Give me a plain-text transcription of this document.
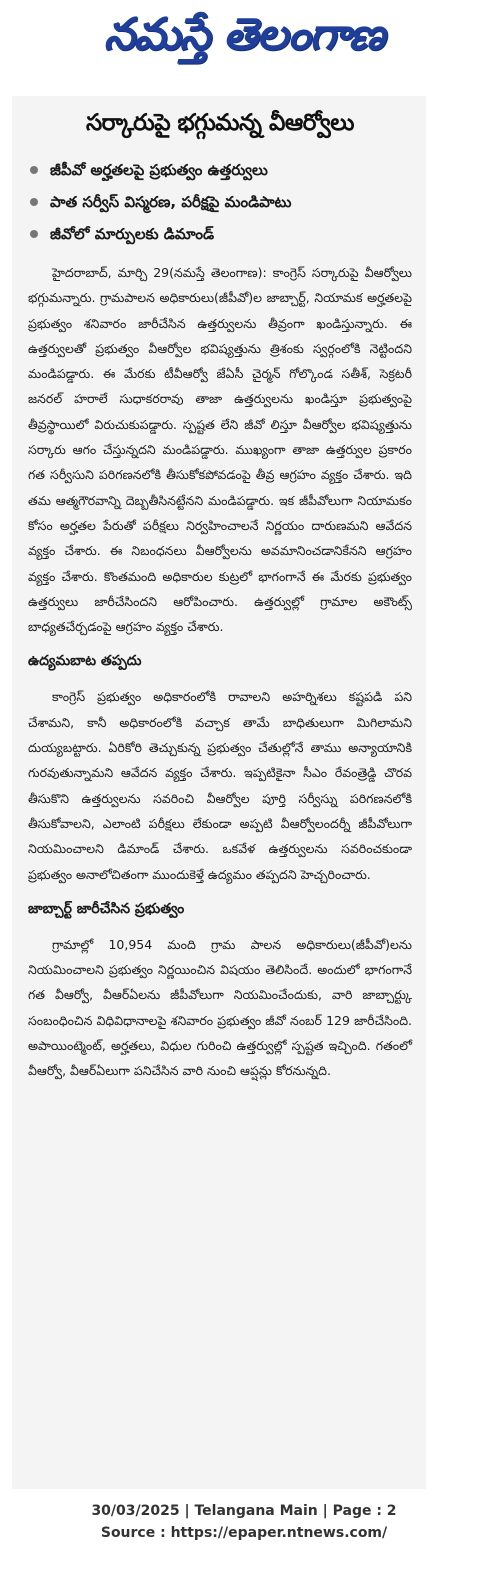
నమస్తే తెలంగాణ
సర్కారుపై భగ్గుమన్న వీఆర్వోలు
జీపీవో అర్హతలపై ప్రభుత్వం ఉత్తర్వులు
పాత సర్వీస్ విస్మరణ, పరీక్షపై మండిపాటు
జీవోలో మార్పులకు డిమాండ్

హైదరాబాద్, మార్చి 29(నమస్తే తెలంగాణ): కాంగ్రెస్ సర్కారుపై వీఆర్వోలు భగ్గుమన్నారు. గ్రామపాలన అధికారులు(జీపీవో)ల జాబ్చార్ట్, నియామక అర్హతలపై ప్రభుత్వం శనివారం జారీచేసిన ఉత్తర్వులను తీవ్రంగా ఖండిస్తున్నారు. ఈ ఉత్తర్వులతో ప్రభుత్వం వీఆర్వోల భవిష్యత్తును త్రిశంకు స్వర్గంలోకి నెట్టిందని మండిపడ్డారు. ఈ మేరకు టీవీఆర్వో జేఏసీ చైర్మన్ గోల్కొండ సతీశ్, సెక్రటరీ జనరల్ హరాలే సుధాకరరావు తాజా ఉత్తర్వులను ఖండిస్తూ ప్రభుత్వంపై తీవ్రస్థాయిలో విరుచుకుపడ్డారు. స్పష్టత లేని జీవో లిస్తూ వీఆర్వోల భవిష్యత్తును సర్కారు ఆగం చేస్తున్నదని మండిపడ్డారు. ముఖ్యంగా తాజా ఉత్తర్వుల ప్రకారం గత సర్వీసుని పరిగణనలోకి తీసుకోకపోవడంపై తీవ్ర ఆగ్రహం వ్యక్తం చేశారు. ఇది తమ ఆత్మగౌరవాన్ని దెబ్బతీసినట్టేనని మండిపడ్డారు. ఇక జీపీవోలుగా నియామకం కోసం అర్హతల పేరుతో పరీక్షలు నిర్వహించాలనే నిర్ణయం దారుణమని ఆవేదన వ్యక్తం చేశారు. ఈ నిబంధనలు వీఆర్వోలను అవమానించడానికేనని ఆగ్రహం వ్యక్తం చేశారు. కొంతమంది అధికారుల కుట్రలో భాగంగానే ఈ మేరకు ప్రభుత్వం ఉత్తర్వులు జారీచేసిందని ఆరోపించారు. ఉత్తర్వుల్లో గ్రామాల అకౌంట్స్ బాధ్యతచేర్చడంపై ఆగ్రహం వ్యక్తం చేశారు.

ఉద్యమబాట తప్పదు

కాంగ్రెస్ ప్రభుత్వం అధికారంలోకి రావాలని అహర్నిశలు కష్టపడి పని చేశామని, కానీ అధికారంలోకి వచ్చాక తామే బాధితులుగా మిగిలామని దుయ్యబట్టారు. ఏరికోరి తెచ్చుకున్న ప్రభుత్వం చేతుల్లోనే తాము అన్యాయానికి గురవుతున్నామని ఆవేదన వ్యక్తం చేశారు. ఇప్పటికైనా సీఎం రేవంత్రెడ్డి చొరవ తీసుకొని ఉత్తర్వులను సవరించి వీఆర్వోల పూర్తి సర్వీస్ను పరిగణనలోకి తీసుకోవాలని, ఎలాంటి పరీక్షలు లేకుండా అప్పటి వీఆర్వోలందర్నీ జీపీవోలుగా నియమించాలని డిమాండ్ చేశారు. ఒకవేళ ఉత్తర్వులను సవరించకుండా ప్రభుత్వం అనాలోచితంగా ముందుకెళ్తే ఉద్యమం తప్పదని హెచ్చరించారు.

జాబ్చార్ట్ జారీచేసిన ప్రభుత్వం

గ్రామాల్లో 10,954 మంది గ్రామ పాలన అధికారులు(జీపీవో)లను నియమించాలని ప్రభుత్వం నిర్ణయించిన విషయం తెలిసిందే. అందులో భాగంగానే గత వీఆర్వో, వీఆర్ఏలను జీపీవోలుగా నియమించేందుకు, వారి జాబ్చార్ట్కు సంబంధించిన విధివిధానాలపై శనివారం ప్రభుత్వం జీవో నంబర్ 129 జారీచేసింది. అపాయింట్మెంట్, అర్హతలు, విధుల గురించి ఉత్తర్వుల్లో స్పష్టత ఇచ్చింది. గతంలో వీఆర్వో, వీఆర్ఏలుగా పనిచేసిన వారి నుంచి ఆప్షన్లు కోరనున్నది.

30/03/2025 | Telangana Main | Page : 2
Source : https://epaper.ntnews.com/
